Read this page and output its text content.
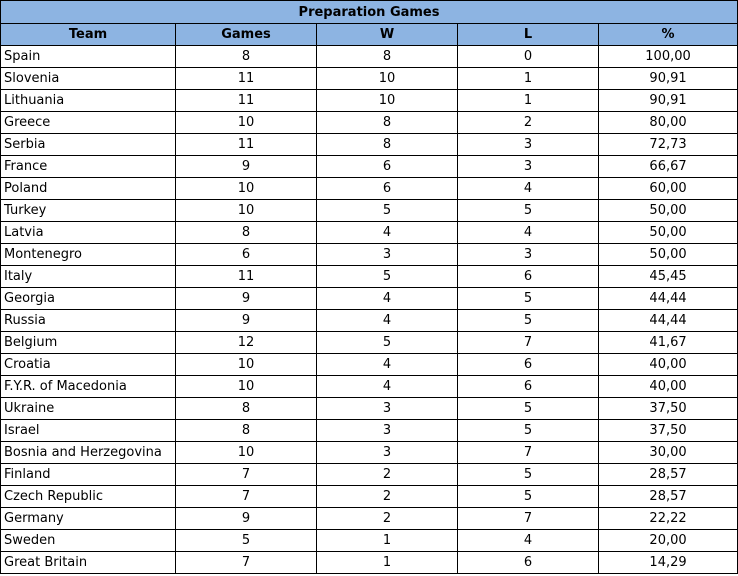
Preparation Games				
Team	Games	W	L	%
Spain	8	8	0	100,00
Slovenia	11	10	1	90,91
Lithuania	11	10	1	90,91
Greece	10	8	2	80,00
Serbia	11	8	3	72,73
France	9	6	3	66,67
Poland	10	6	4	60,00
Turkey	10	5	5	50,00
Latvia	8	4	4	50,00
Montenegro	6	3	3	50,00
Italy	11	5	6	45,45
Georgia	9	4	5	44,44
Russia	9	4	5	44,44
Belgium	12	5	7	41,67
Croatia	10	4	6	40,00
F.Y.R. of Macedonia	10	4	6	40,00
Ukraine	8	3	5	37,50
Israel	8	3	5	37,50
Bosnia and Herzegovina	10	3	7	30,00
Finland	7	2	5	28,57
Czech Republic	7	2	5	28,57
Germany	9	2	7	22,22
Sweden	5	1	4	20,00
Great Britain	7	1	6	14,29
